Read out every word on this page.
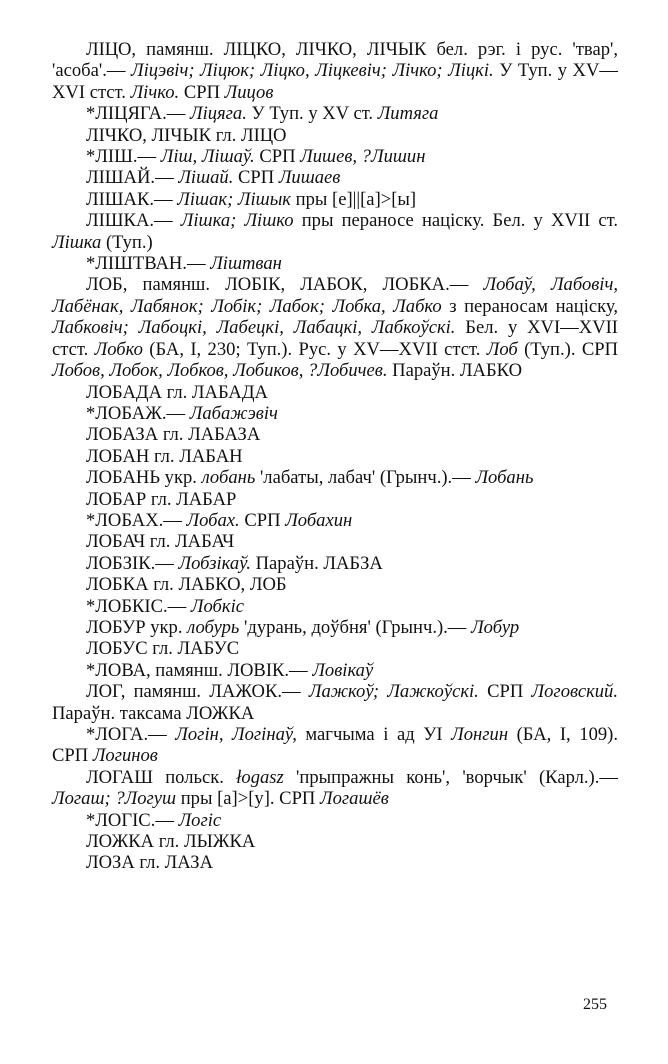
ЛІЦО, памянш. ЛІЦКО, ЛІЧКО, ЛІЧЫК бел. рэг. і рус. 'твар', 'асоба'.— Ліцэвіч; Ліцюк; Ліцко, Ліцкевіч; Лічко; Ліцкі. У Туп. у XV—XVI стст. Лічко. СРП Лицов

*ЛІЦЯГА.— Ліцяга. У Туп. у XV ст. Литяга

ЛІЧКО, ЛІЧЫК гл. ЛІЦО

*ЛІШ.— Ліш, Лішаў. СРП Лишев, ?Лишин

ЛІШАЙ.— Лішай. СРП Лишаев

ЛІШАК.— Лішак; Лішык пры [е]||[а]>[ы]

ЛІШКА.— Лішка; Лішко пры пераносе націску. Бел. у XVII ст. Лішка (Туп.)

*ЛІШТВАН.— Ліштван

ЛОБ, памянш. ЛОБІК, ЛАБОК, ЛОБКА.— Лобаў, Лабовіч, Лабёнак, Лабянок; Лобік; Лабок; Лобка, Лабко з пераносам націску, Лабковіч; Лабоцкі, Лабецкі, Лабацкі, Лабкоўскі. Бел. у XVI—XVII стст. Лобко (БА, I, 230; Туп.). Рус. у XV—XVII стст. Лоб (Туп.). СРП Лобов, Лобок, Лобков, Лобиков, ?Лобичев. Параўн. ЛАБКО

ЛОБАДА гл. ЛАБАДА

*ЛОБАЖ.— Лабажэвіч

ЛОБАЗА гл. ЛАБАЗА

ЛОБАН гл. ЛАБАН

ЛОБАНЬ укр. лобань 'лабаты, лабач' (Грынч.).— Лобань

ЛОБАР гл. ЛАБАР

*ЛОБАХ.— Лобах. СРП Лобахин

ЛОБАЧ гл. ЛАБАЧ

ЛОБЗІК.— Лобзікаў. Параўн. ЛАБЗА

ЛОБКА гл. ЛАБКО, ЛОБ

*ЛОБКІС.— Лобкіс

ЛОБУР укр. лобурь 'дурань, доўбня' (Грынч.).— Лобур

ЛОБУС гл. ЛАБУС

*ЛОВА, памянш. ЛОВІК.— Ловікаў

ЛОГ, памянш. ЛАЖОК.— Лажкоў; Лажкоўскі. СРП Логовский. Параўн. таксама ЛОЖКА

*ЛОГА.— Логін, Логінаў, магчыма і ад УІ Лонгин (БА, I, 109). СРП Логинов

ЛОГАШ польск. łogasz 'прыпражны конь', 'ворчык' (Карл.).— Логаш; ?Логуш пры [а]>[у]. СРП Логашёв

*ЛОГІС.— Логіс

ЛОЖКА гл. ЛЫЖКА

ЛОЗА гл. ЛАЗА

255
